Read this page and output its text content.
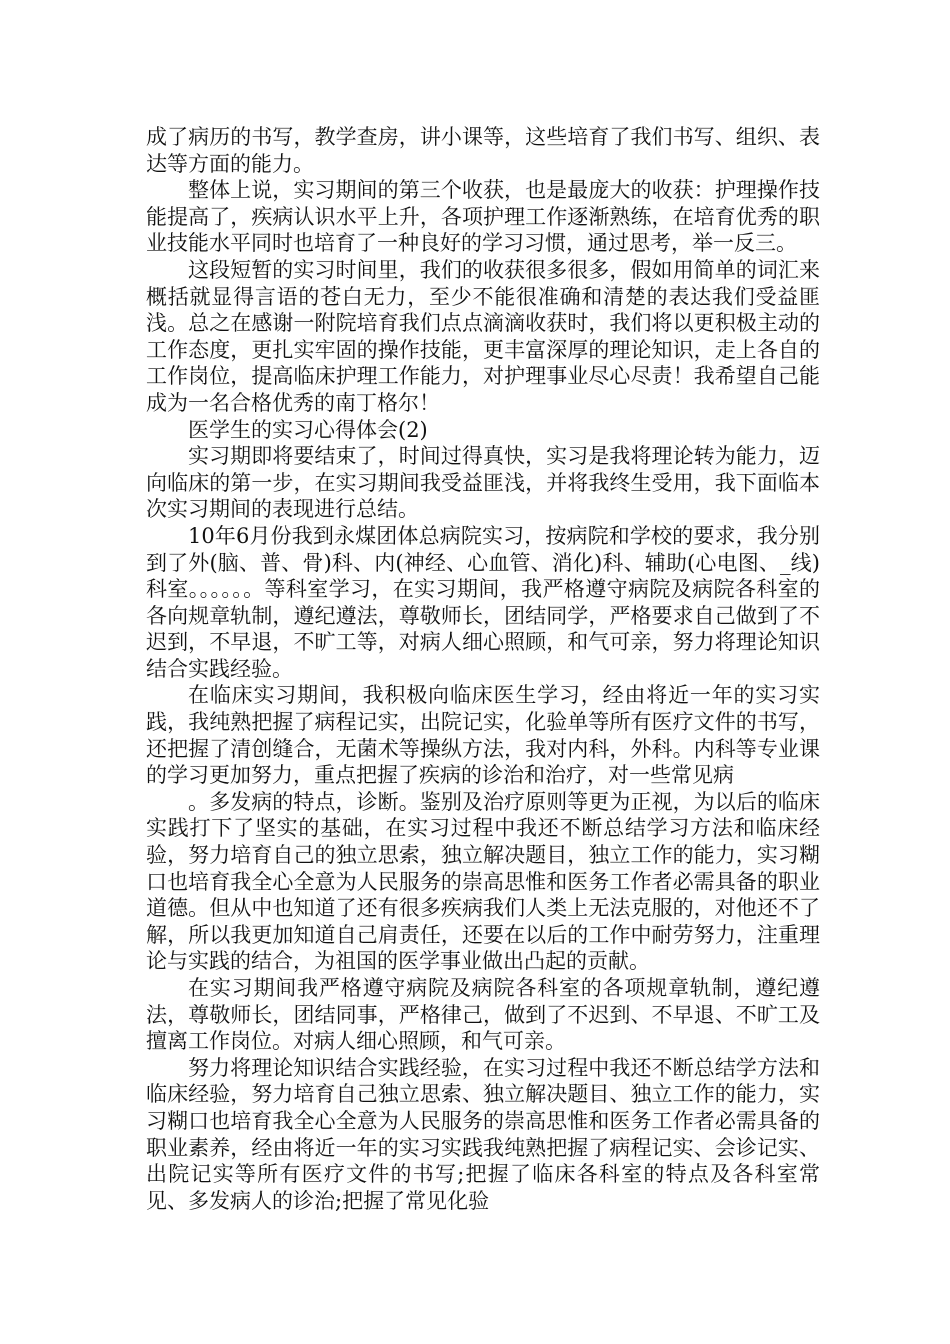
成了病历的书写，教学查房，讲小课等，这些培育了我们书写、组织、表达等方面的能力。

整体上说，实习期间的第三个收获，也是最庞大的收获：护理操作技能提高了，疾病认识水平上升，各项护理工作逐渐熟练，在培育优秀的职业技能水平同时也培育了一种良好的学习习惯，通过思考，举一反三。

这段短暂的实习时间里，我们的收获很多很多，假如用简单的词汇来概括就显得言语的苍白无力，至少不能很准确和清楚的表达我们受益匪浅。总之在感谢一附院培育我们点点滴滴收获时，我们将以更积极主动的工作态度，更扎实牢固的操作技能，更丰富深厚的理论知识，走上各自的工作岗位，提高临床护理工作能力，对护理事业尽心尽责！我希望自己能成为一名合格优秀的南丁格尔！

医学生的实习心得体会(2)

实习期即将要结束了，时间过得真快，实习是我将理论转为能力，迈向临床的第一步，在实习期间我受益匪浅，并将我终生受用，我下面临本次实习期间的表现进行总结。

10年6月份我到永煤团体总病院实习，按病院和学校的要求，我分别到了外(脑、普、骨)科、内(神经、心血管、消化)科、辅助(心电图、_线)科室。。。。。。等科室学习，在实习期间，我严格遵守病院及病院各科室的各向规章轨制，遵纪遵法，尊敬师长，团结同学，严格要求自己做到了不迟到，不早退，不旷工等，对病人细心照顾，和气可亲，努力将理论知识结合实践经验。

在临床实习期间，我积极向临床医生学习，经由将近一年的实习实践，我纯熟把握了病程记实，出院记实，化验单等所有医疗文件的书写，还把握了清创缝合，无菌术等操纵方法，我对内科，外科。内科等专业课的学习更加努力，重点把握了疾病的诊治和治疗，对一些常见病

。多发病的特点，诊断。鉴别及治疗原则等更为正视，为以后的临床实践打下了坚实的基础，在实习过程中我还不断总结学习方法和临床经验，努力培育自己的独立思索，独立解决题目，独立工作的能力，实习糊口也培育我全心全意为人民服务的崇高思惟和医务工作者必需具备的职业道德。但从中也知道了还有很多疾病我们人类上无法克服的，对他还不了解，所以我更加知道自己肩责任，还要在以后的工作中耐劳努力，注重理论与实践的结合，为祖国的医学事业做出凸起的贡献。

在实习期间我严格遵守病院及病院各科室的各项规章轨制，遵纪遵法，尊敬师长，团结同事，严格律己，做到了不迟到、不早退、不旷工及擅离工作岗位。对病人细心照顾，和气可亲。

努力将理论知识结合实践经验，在实习过程中我还不断总结学方法和临床经验，努力培育自己独立思索、独立解决题目、独立工作的能力，实习糊口也培育我全心全意为人民服务的崇高思惟和医务工作者必需具备的职业素养，经由将近一年的实习实践我纯熟把握了病程记实、会诊记实、出院记实等所有医疗文件的书写;把握了临床各科室的特点及各科室常见、多发病人的诊治;把握了常见化验
